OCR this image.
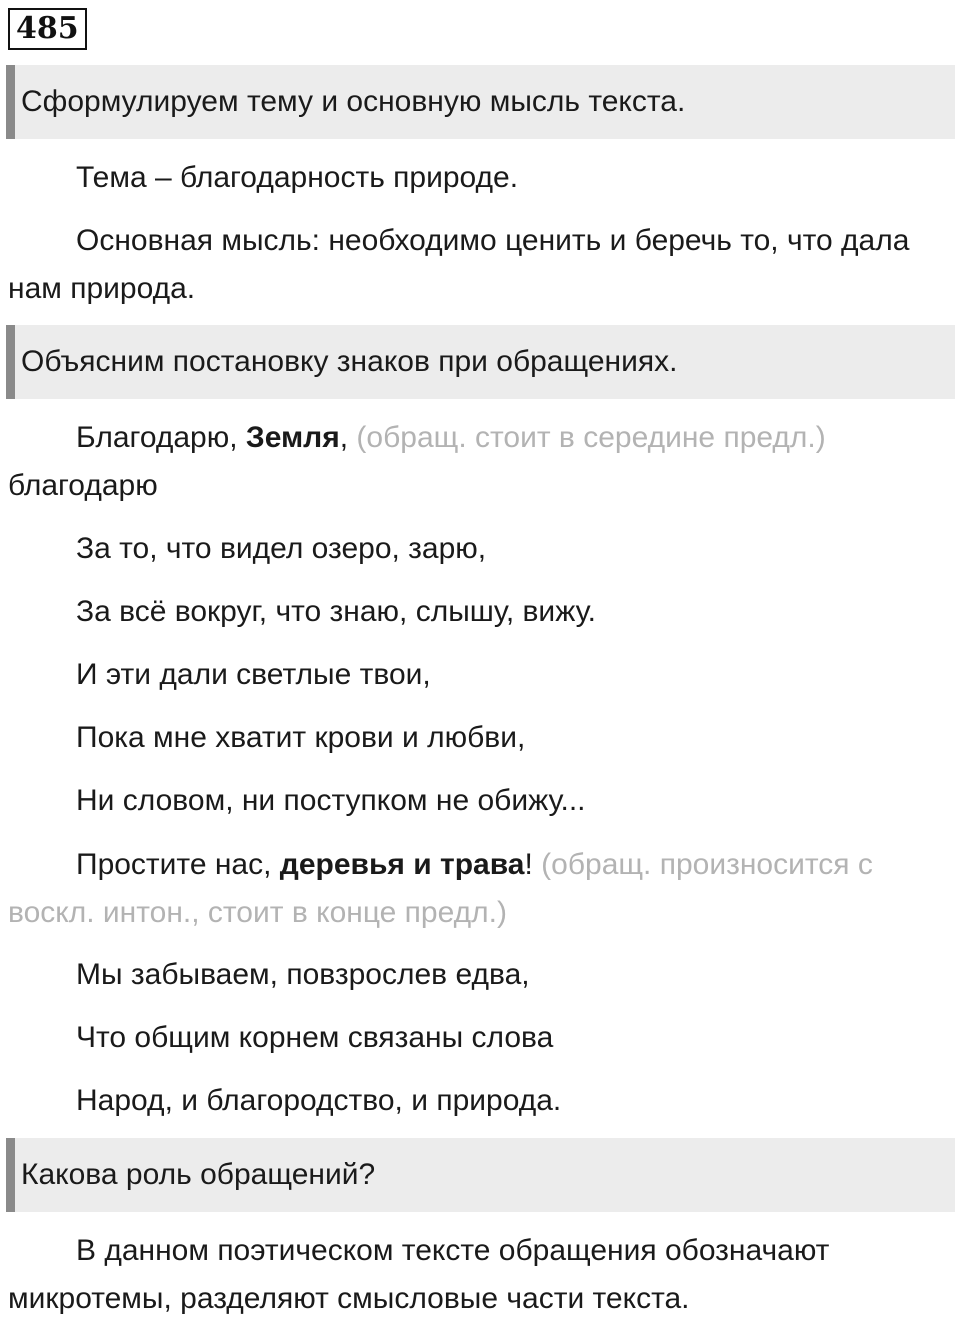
485
Сформулируем тему и основную мысль текста.

Тема – благодарность природе.

Основная мысль: необходимо ценить и беречь то, что дала нам природа.

Объясним постановку знаков при обращениях.

Благодарю, Земля, (обращ. стоит в середине предл.) благодарю

За то, что видел озеро, зарю,

За всё вокруг, что знаю, слышу, вижу.

И эти дали светлые твои,

Пока мне хватит крови и любви,

Ни словом, ни поступком не обижу...

Простите нас, деревья и трава! (обращ. произносится с воскл. интон., стоит в конце предл.)

Мы забываем, повзрослев едва,

Что общим корнем связаны слова

Народ, и благородство, и природа.

Какова роль обращений?

В данном поэтическом тексте обращения обозначают микротемы, разделяют смысловые части текста.
